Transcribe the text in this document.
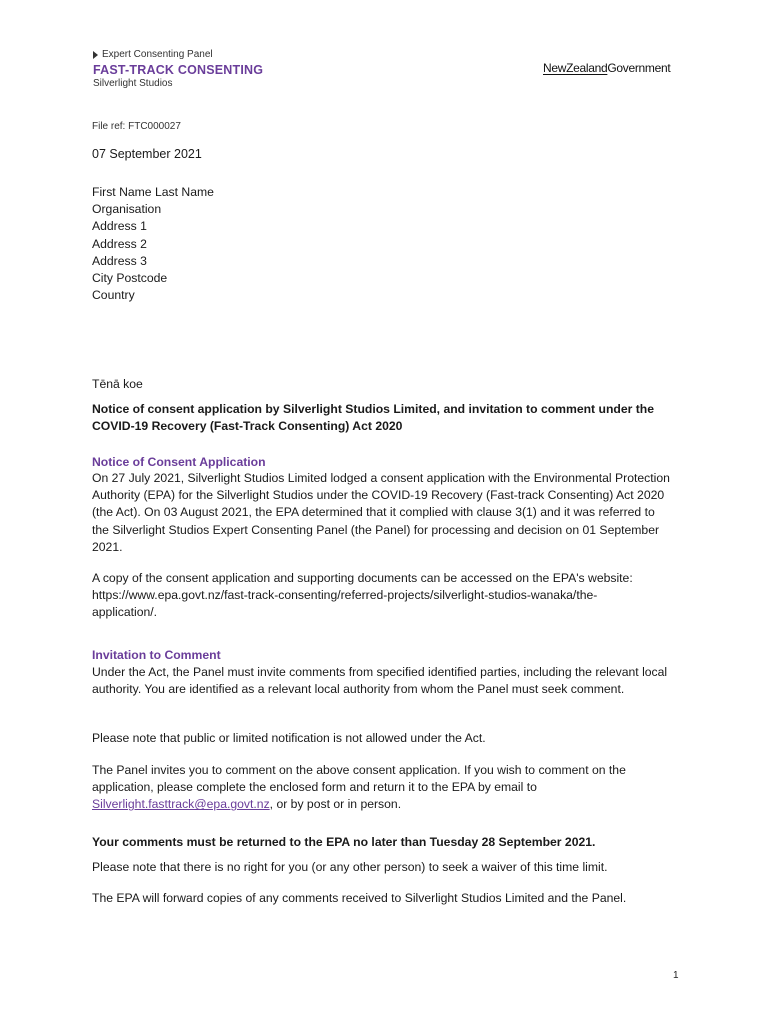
Expert Consenting Panel
FAST-TRACK CONSENTING
Silverlight Studios
NewZealandGovernment
File ref: FTC000027
07 September 2021
First Name Last Name
Organisation
Address 1
Address 2
Address 3
City Postcode
Country
Tēnā koe
Notice of consent application by Silverlight Studios Limited, and invitation to comment under the COVID-19 Recovery (Fast-Track Consenting) Act 2020
Notice of Consent Application
On 27 July 2021, Silverlight Studios Limited lodged a consent application with the Environmental Protection Authority (EPA) for the Silverlight Studios under the COVID-19 Recovery (Fast-track Consenting) Act 2020 (the Act). On 03 August 2021, the EPA determined that it complied with clause 3(1) and it was referred to the Silverlight Studios Expert Consenting Panel (the Panel) for processing and decision on 01 September 2021.
A copy of the consent application and supporting documents can be accessed on the EPA's website:
https://www.epa.govt.nz/fast-track-consenting/referred-projects/silverlight-studios-wanaka/the-
application/.
Invitation to Comment
Under the Act, the Panel must invite comments from specified identified parties, including the relevant local authority. You are identified as a relevant local authority from whom the Panel must seek comment.
Please note that public or limited notification is not allowed under the Act.
The Panel invites you to comment on the above consent application. If you wish to comment on the application, please complete the enclosed form and return it to the EPA by email to Silverlight.fasttrack@epa.govt.nz, or by post or in person.
Your comments must be returned to the EPA no later than Tuesday 28 September 2021.
Please note that there is no right for you (or any other person) to seek a waiver of this time limit.
The EPA will forward copies of any comments received to Silverlight Studios Limited and the Panel.
1
